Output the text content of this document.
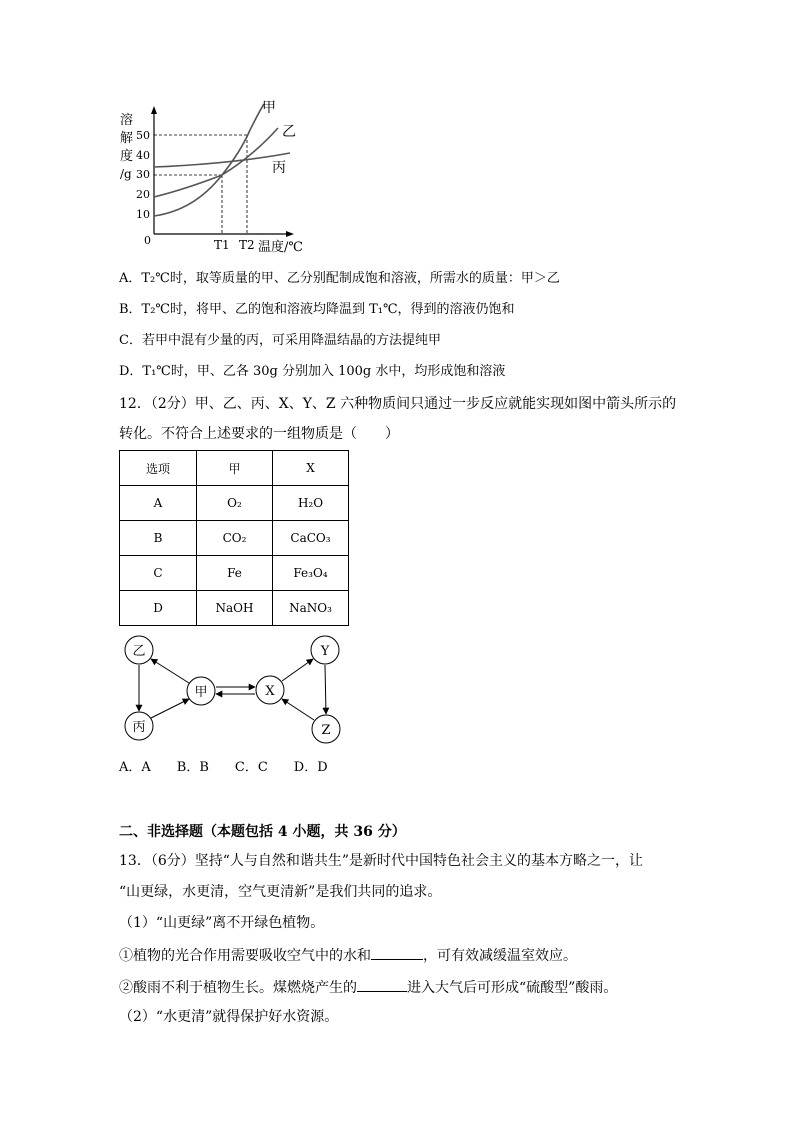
溶
解
度
/g
50
40
30
20
10
0
甲
乙
丙
T1 T2 温度/℃
A．T₂℃时，取等质量的甲、乙分别配制成饱和溶液，所需水的质量：甲＞乙
B．T₂℃时，将甲、乙的饱和溶液均降温到 T₁℃，得到的溶液仍饱和
C．若甲中混有少量的丙，可采用降温结晶的方法提纯甲
D．T₁℃时，甲、乙各 30g 分别加入 100g 水中，均形成饱和溶液
12．（2分）甲、乙、丙、X、Y、Z 六种物质间只通过一步反应就能实现如图中箭头所示的
转化。不符合上述要求的一组物质是（　　）
选项	甲	X
A	O₂	H₂O
B	CO₂	CaCO₃
C	Fe	Fe₃O₄
D	NaOH	NaNO₃
乙
甲
丙
X
Y
Z
A．A　　B．B　　C．C　　D．D
二、非选择题（本题包括 4 小题，共 36 分）
13．（6分）坚持“人与自然和谐共生”是新时代中国特色社会主义的基本方略之一，让
“山更绿，水更清，空气更清新”是我们共同的追求。
（1）“山更绿”离不开绿色植物。
①植物的光合作用需要吸收空气中的水和	，可有效减缓温室效应。
②酸雨不利于植物生长。煤燃烧产生的	进入大气后可形成“硫酸型”酸雨。
（2）“水更清”就得保护好水资源。
